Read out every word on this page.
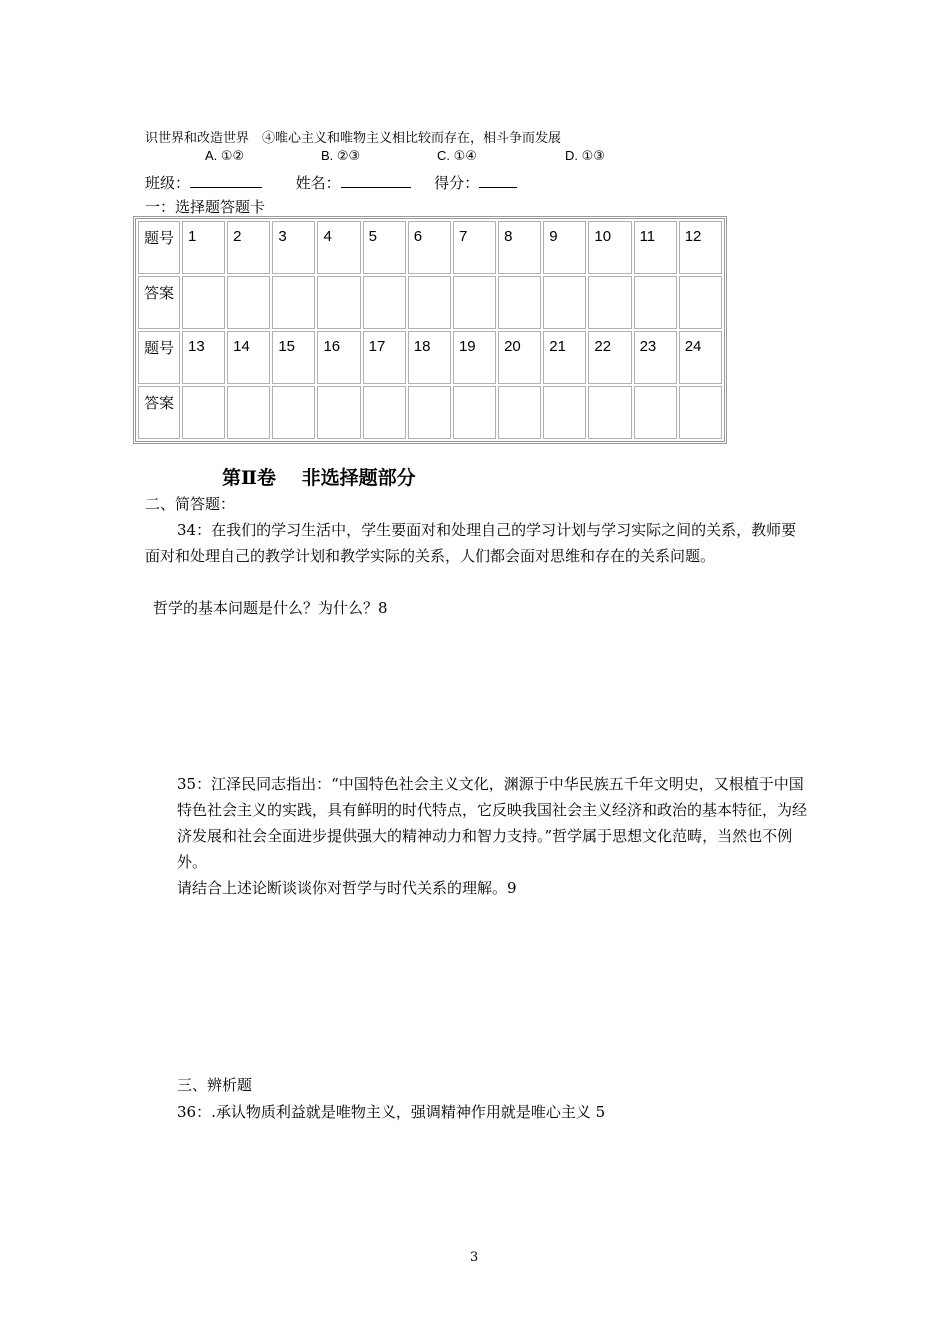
识世界和改造世界　④唯心主义和唯物主义相比较而存在，相斗争而发展
A. ①②	B. ②③	C. ①④	D. ①③
班级：	姓名：	得分：
一：选择题答题卡
题号	1	2	3	4	5	6	7	8	9	10	11	12
答案												
题号	13	14	15	16	17	18	19	20	21	22	23	24
答案												
第Ⅱ卷　 非选择题部分
二、简答题：
34：在我们的学习生活中，学生要面对和处理自己的学习计划与学习实际之间的关系，教师要面对和处理自己的教学计划和教学实际的关系，人们都会面对思维和存在的关系问题。
哲学的基本问题是什么？为什么？8
35：江泽民同志指出：“中国特色社会主义文化，渊源于中华民族五千年文明史，又根植于中国特色社会主义的实践，具有鲜明的时代特点，它反映我国社会主义经济和政治的基本特征，为经济发展和社会全面进步提供强大的精神动力和智力支持。”哲学属于思想文化范畴，当然也不例外。
请结合上述论断谈谈你对哲学与时代关系的理解。9
三、辨析题
36：.承认物质利益就是唯物主义，强调精神作用就是唯心主义 5
3
